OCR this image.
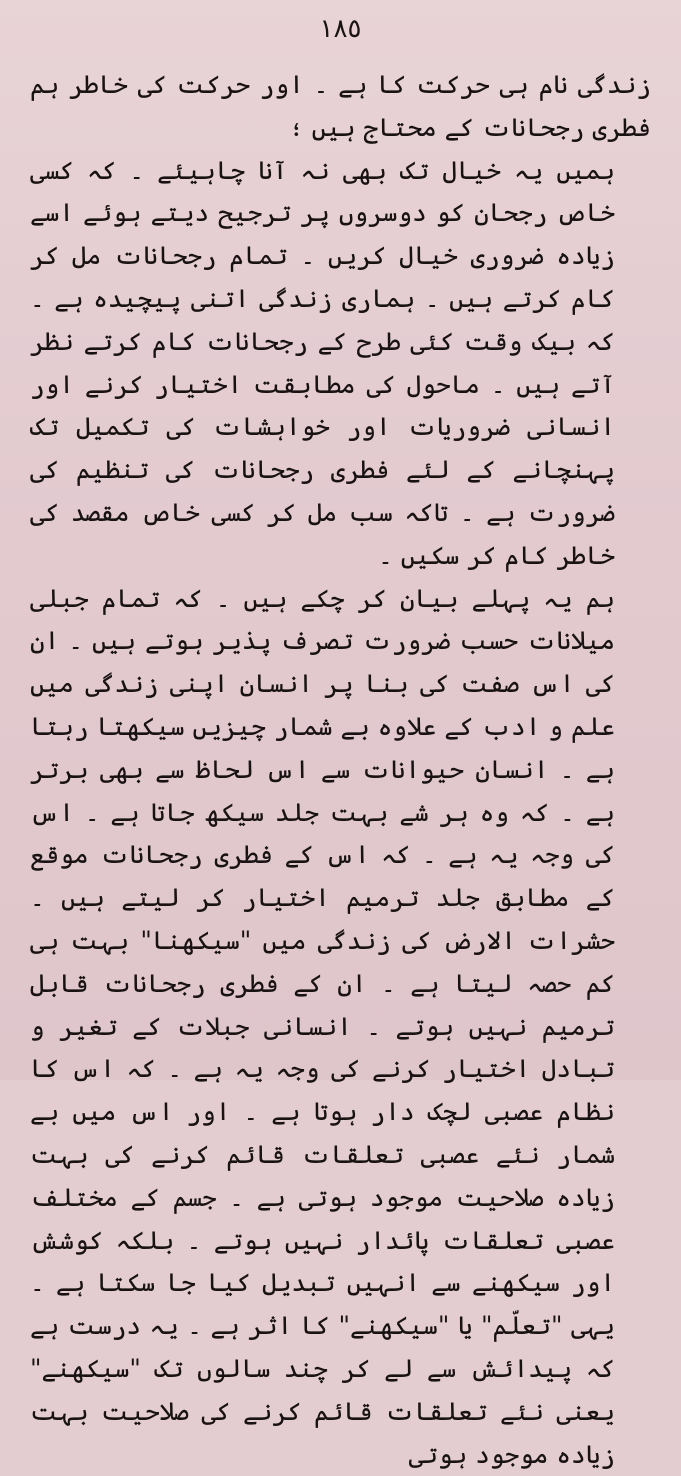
١٨٥

زندگی نام ہی حرکت کا ہے ۔ اور حرکت کی خاطر ہم فطری رجحانات کے محتاج ہیں ؛

ہمیں یہ خیال تک بھی نہ آنا چاہیئے ۔ کہ کسی خاص رجحان کو دوسروں پر ترجیح دیتے ہوئے اسے زیادہ ضروری خیال کریں ۔ تمام رجحانات مل کر کام کرتے ہیں ۔ ہماری زندگی اتنی پیچیدہ ہے ۔ کہ بیک وقت کئی طرح کے رجحانات کام کرتے نظر آتے ہیں ۔ ماحول کی مطابقت اختیار کرنے اور انسانی ضروریات اور خواہشات کی تکمیل تک پہنچانے کے لئے فطری رجحانات کی تنظیم کی ضرورت ہے ۔ تاکہ سب مل کر کسی خاص مقصد کی خاطر کام کر سکیں ۔

ہم یہ پہلے بیان کر چکے ہیں ۔ کہ تمام جبلی میلانات حسب ضرورت تصرف پذیر ہوتے ہیں ۔ ان کی اس صفت کی بنا پر انسان اپنی زندگی میں علم و ادب کے علاوہ بے شمار چیزیں سیکھتا رہتا ہے ۔ انسان حیوانات سے اس لحاظ سے بھی برتر ہے ۔ کہ وہ ہر شے بہت جلد سیکھ جاتا ہے ۔ اس کی وجہ یہ ہے ۔ کہ اس کے فطری رجحانات موقع کے مطابق جلد ترمیم اختیار کر لیتے ہیں ۔ حشرات الارض کی زندگی میں "سیکھنا" بہت ہی کم حصہ لیتا ہے ۔ ان کے فطری رجحانات قابل ترمیم نہیں ہوتے ۔ انسانی جبلات کے تغیر و تبادل اختیار کرنے کی وجہ یہ ہے ۔ کہ اس کا نظام عصبی لچک دار ہوتا ہے ۔ اور اس میں بے شمار نئے عصبی تعلقات قائم کرنے کی بہت زیادہ صلاحیت موجود ہوتی ہے ۔ جسم کے مختلف عصبی تعلقات پائدار نہیں ہوتے ۔ بلکہ کوشش اور سیکھنے سے انہیں تبدیل کیا جا سکتا ہے ۔ یہی "تعلّم" یا "سیکھنے" کا اثر ہے ۔ یہ درست ہے کہ پیدائش سے لے کر چند سالوں تک "سیکھنے" یعنی نئے تعلقات قائم کرنے کی صلاحیت بہت زیادہ موجود ہوتی
